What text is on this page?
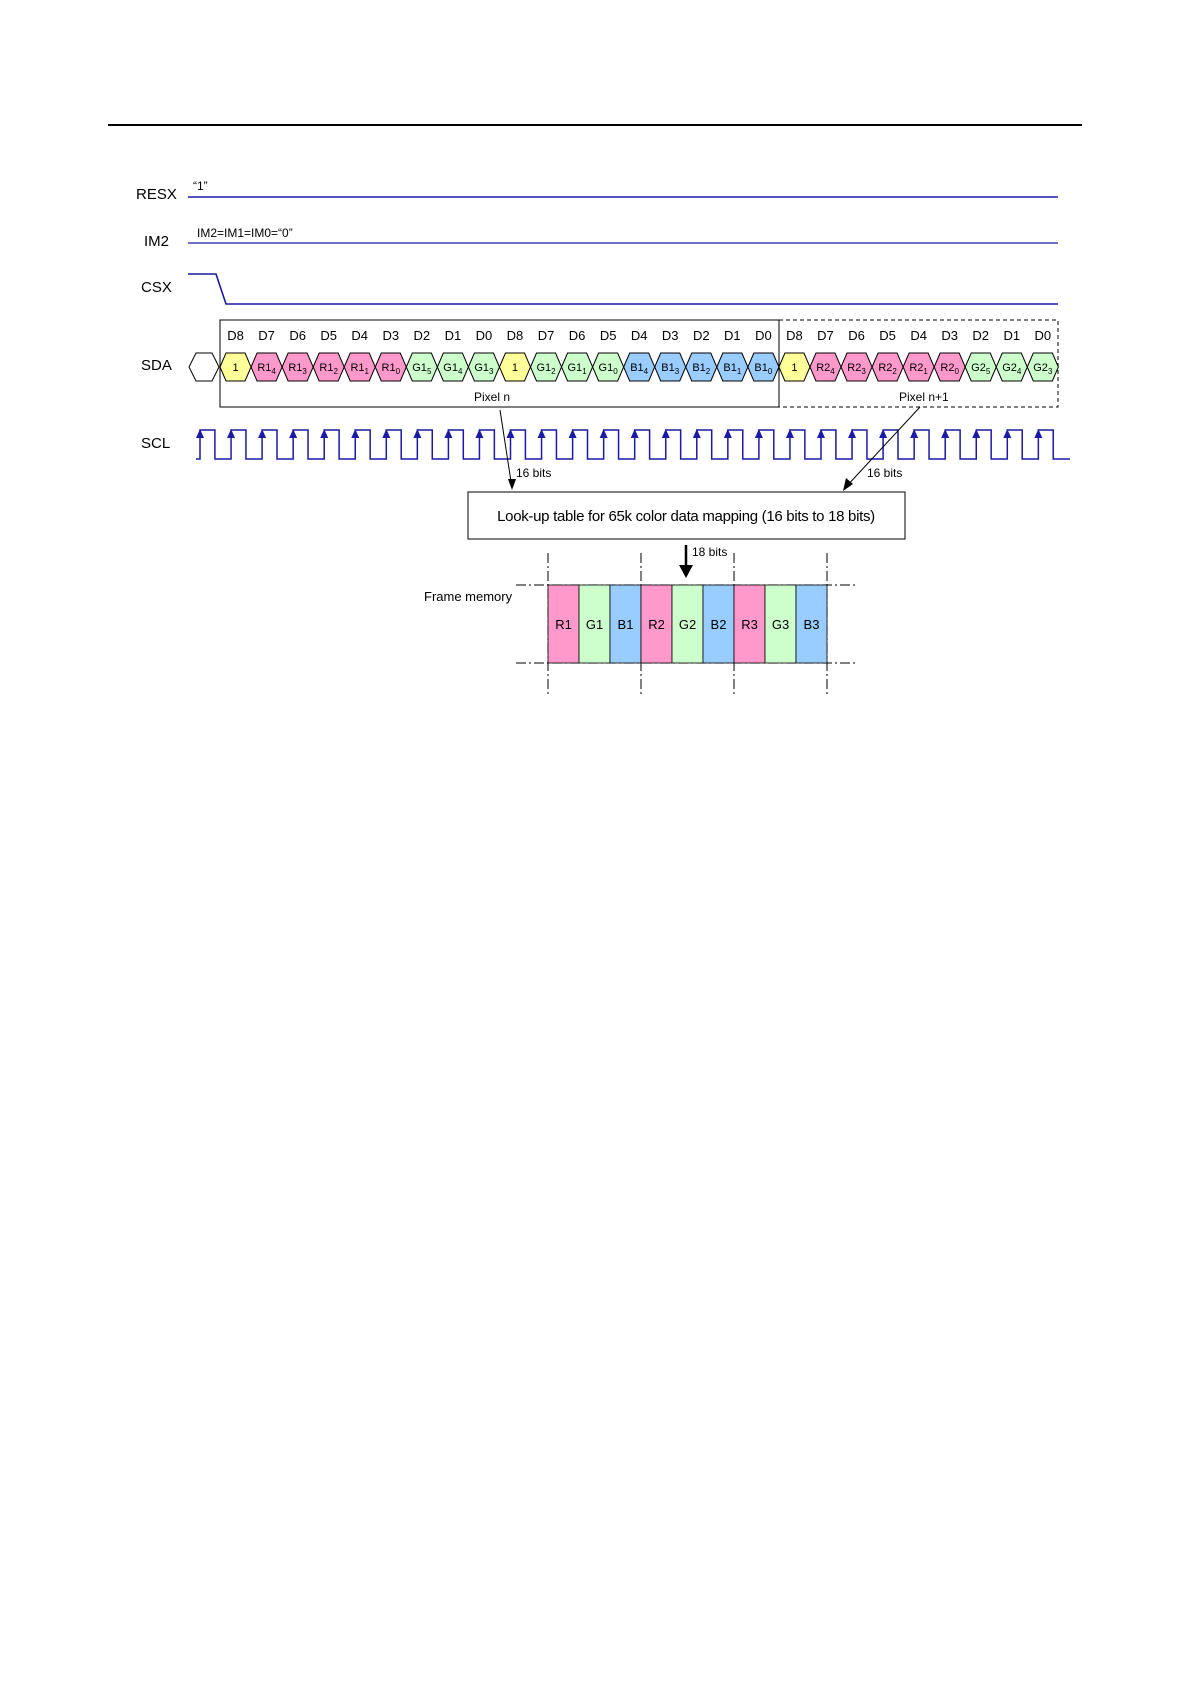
RESX “1”
IM2 IM2=IM1=IM0=“0”
CSX
SDA
D8 D7 D6 D5 D4 D3 D2 D1 D0 D8 D7 D6 D5 D4 D3 D2 D1 D0 D8 D7 D6 D5 D4 D3 D2 D1 D0
1 $R1_4$ $R1_3$ $R1_2$ $R1_1$ $R1_0$ $G1_5$ $G1_4$ $G1_3$ 1 $G1_2$ $G1_1$ $G1_0$ $B1_4$ $B1_3$ $B1_2$ $B1_1$ $B1_0$ 1 $R2_4$ $R2_3$ $R2_2$ $R2_1$ $R2_0$ $G2_5$ $G2_4$ $G2_3$
Pixel n	Pixel n+1
SCL
16 bits	16 bits
Look-up table for 65k color data mapping (16 bits to 18 bits)
18 bits
Frame memory
R1 G1 B1 R2 G2 B2 R3 G3 B3
